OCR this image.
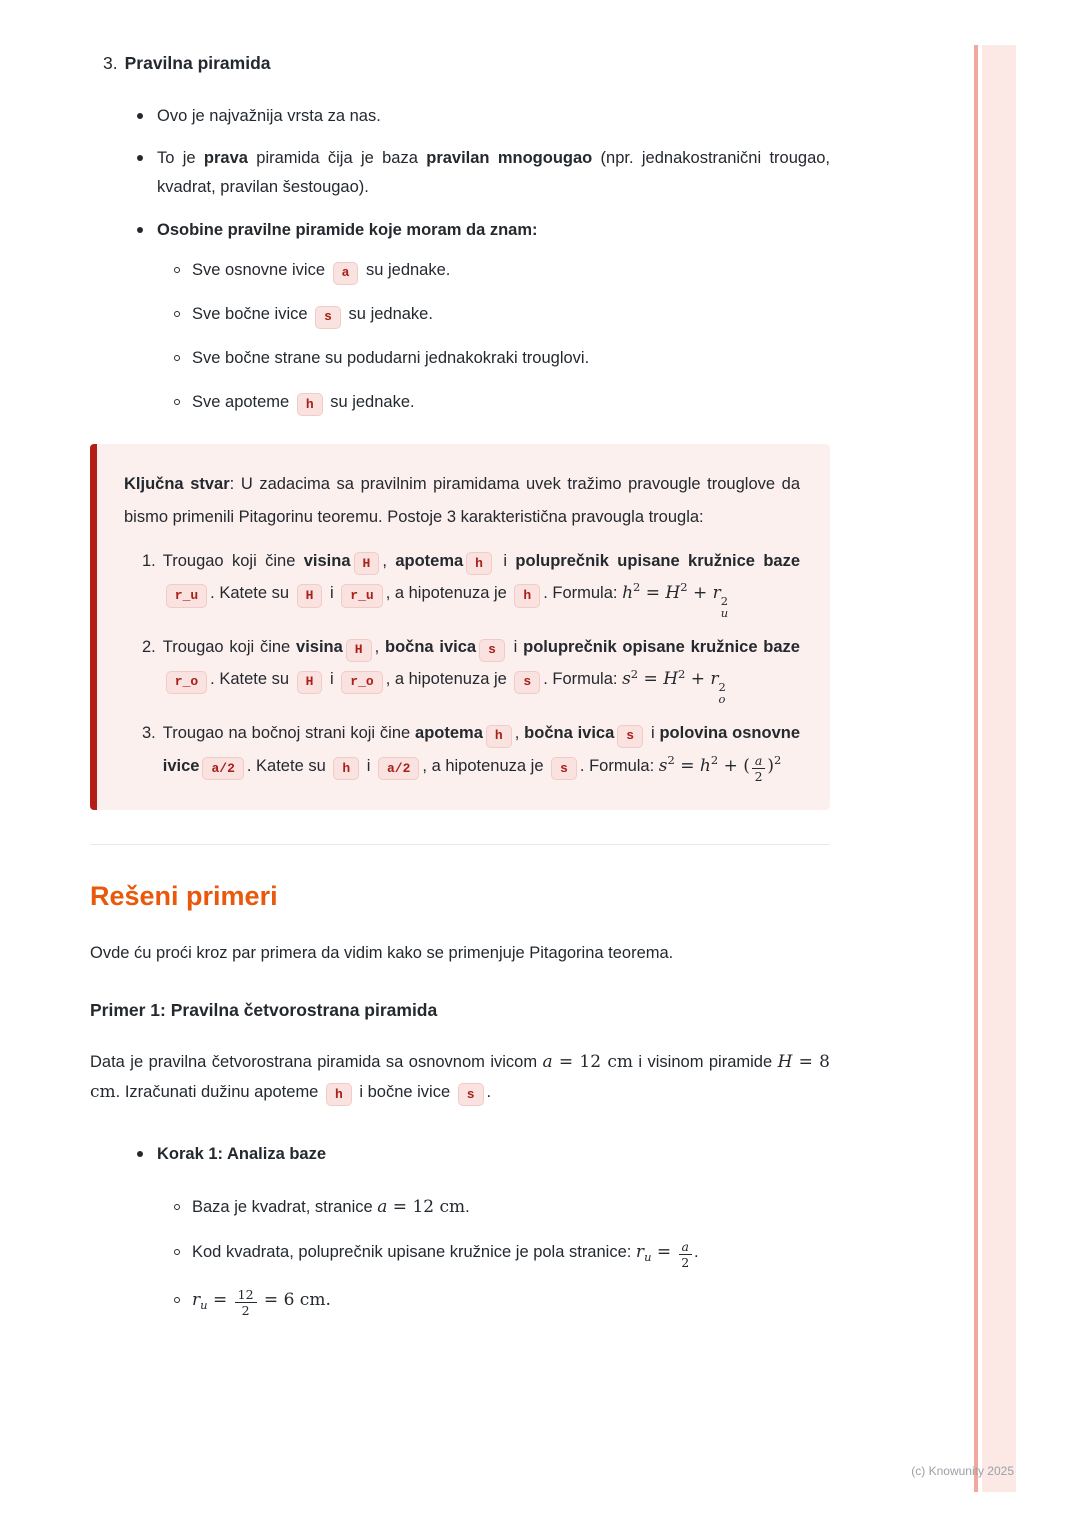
3. Pravilna piramida

Ovo je najvažnija vrsta za nas.

To je prava piramida čija je baza pravilan mnogougao (npr. jednakostranični trougao, kvadrat, pravilan šestougao).

Osobine pravilne piramide koje moram da znam:

Sve osnovne ivice a su jednake.

Sve bočne ivice s su jednake.

Sve bočne strane su podudarni jednakokraki trouglovi.

Sve apoteme h su jednake.

Ključna stvar: U zadacima sa pravilnim piramidama uvek tražimo pravougle trouglove da bismo primenili Pitagorinu teoremu. Postoje 3 karakteristična pravougla trougla:

1. Trougao koji čine visina H , apotema h i poluprečnik upisane kružnice bazer_u . Katete su H i r_u , a hipotenuza je h . Formula: $h^2 = H^2 + r$ 2
u

2. Trougao koji čine visina H , bočna ivica s i poluprečnik opisane kružnice bazer_o . Katete su H i r_o , a hipotenuza je s . Formula: $s^2 = H^2 + r$ 2
o

3. Trougao na bočnoj strani koji čine apotema h , bočna ivica s i polovina osnovne ivice a/2 . Katete su h i a/2 , a hipotenuza je s . Formula: $s^2 = h^2$ + ( $\frac{a}{2} )^2$

Rešeni primeri

Ovde ću proći kroz par primera da vidim kako se primenjuje Pitagorina teorema.

Primer 1: Pravilna četvorostrana piramida

Data je pravilna četvorostrana piramida sa osnovnom ivicom a = 12 cm i visinom piramide H = 8 cm. Izračunati dužinu apoteme h i bočne ivice s .

Korak 1: Analiza baze

Baza je kvadrat, stranice a = 12 cm.

Kod kvadrata, poluprečnik upisane kružnice je pola stranice: $r_u = \frac{a}{2}$ .

$r_u = \frac{12}{2} = 6$ cm.

(c) Knowunity 2025
